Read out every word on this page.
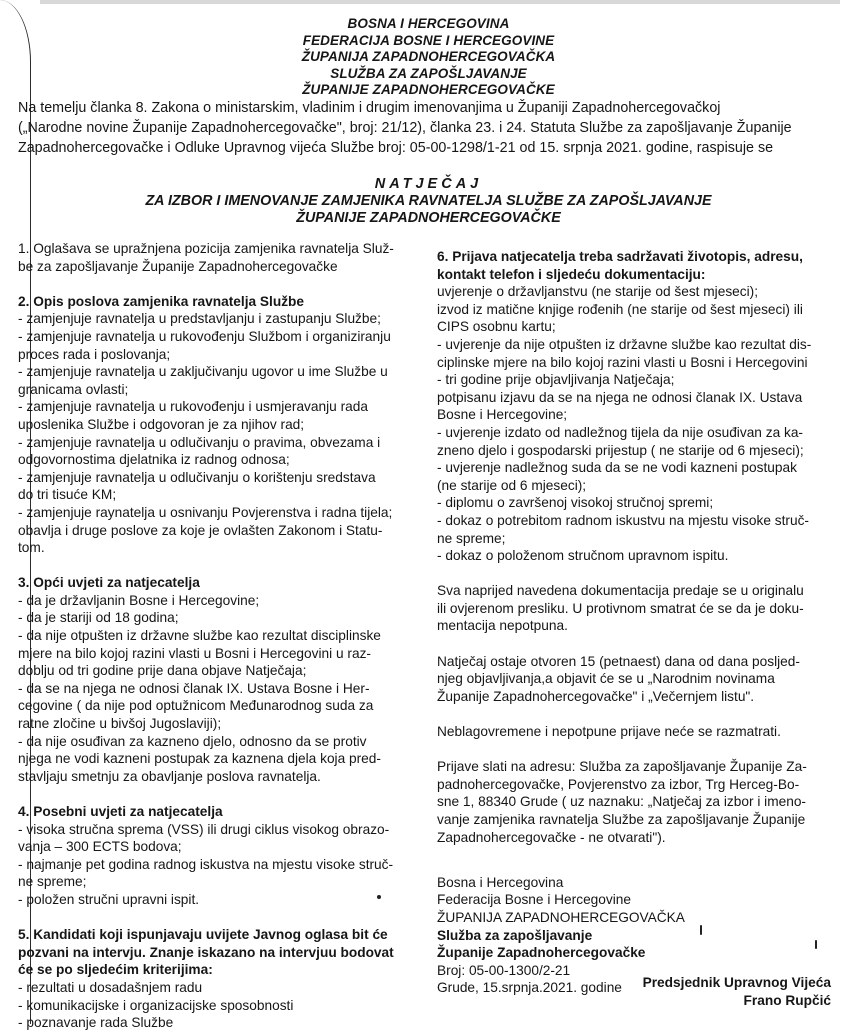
BOSNA I HERCEGOVINA
FEDERACIJA BOSNE I HERCEGOVINE
ŽUPANIJA ZAPADNOHERCEGOVAČKA
SLUŽBA ZA ZAPOŠLJAVANJE
ŽUPANIJE ZAPADNOHERCEGOVAČKE
Na temelju članka 8. Zakona o ministarskim, vladinim i drugim imenovanjima u Županiji Zapadnohercegovačkoj
(„Narodne novine Županije Zapadnohercegovačke", broj: 21/12), članka 23. i 24. Statuta Službe za zapošljavanje Županije
Zapadnohercegovačke i Odluke Upravnog vijeća Službe broj: 05-00-1298/1-21 od 15. srpnja 2021. godine, raspisuje se
NATJEČAJ
ZA IZBOR I IMENOVANJE ZAMJENIKA RAVNATELJA SLUŽBE ZA ZAPOŠLJAVANJE
ŽUPANIJE ZAPADNOHERCEGOVAČKE
1. Oglašava se upražnjena pozicija zamjenika ravnatelja Služ-
be za zapošljavanje Županije Zapadnohercegovačke
2. Opis poslova zamjenika ravnatelja Službe
- zamjenjuje ravnatelja u predstavljanju i zastupanju Službe;
- zamjenjuje ravnatelja u rukovođenju Službom i organiziranju
proces rada i poslovanja;
- zamjenjuje ravnatelja u zaključivanju ugovor u ime Službe u
granicama ovlasti;
- zamjenjuje ravnatelja u rukovođenju i usmjeravanju rada
uposlenika Službe i odgovoran je za njihov rad;
- zamjenjuje ravnatelja u odlučivanju o pravima, obvezama i
odgovornostima djelatnika iz radnog odnosa;
- zamjenjuje ravnatelja u odlučivanju o korištenju sredstava
do tri tisuće KM;
- zamjenjuje raynatelja u osnivanju Povjerenstva i radna tijela;
obavlja i druge poslove za koje je ovlašten Zakonom i Statu-
tom.
3. Opći uvjeti za natjecatelja
- da je državljanin Bosne i Hercegovine;
- da je stariji od 18 godina;
- da nije otpušten iz državne službe kao rezultat disciplinske
mjere na bilo kojoj razini vlasti u Bosni i Hercegovini u raz-
doblju od tri godine prije dana objave Natječaja;
- da se na njega ne odnosi članak IX. Ustava Bosne i Her-
cegovine ( da nije pod optužnicom Međunarodnog suda za
ratne zločine u bivšoj Jugoslaviji);
- da nije osuđivan za kazneno djelo, odnosno da se protiv
njega ne vodi kazneni postupak za kaznena djela koja pred-
stavljaju smetnju za obavljanje poslova ravnatelja.
4. Posebni uvjeti za natjecatelja
- visoka stručna sprema (VSS) ili drugi ciklus visokog obrazo-
vanja – 300 ECTS bodova;
- najmanje pet godina radnog iskustva na mjestu visoke struč-
ne spreme;
- položen stručni upravni ispit.
5. Kandidati koji ispunjavaju uvijete Javnog oglasa bit će
pozvani na intervju. Znanje iskazano na intervjuu bodovat
će se po sljedećim kriterijima:
- rezultati u dosadašnjem radu
- komunikacijske i organizacijske sposobnosti
- poznavanje rada Službe
6. Prijava natjecatelja treba sadržavati životopis, adresu,
kontakt telefon i sljedeću dokumentaciju:
uvjerenje o državljanstvu (ne starije od šest mjeseci);
izvod iz matične knjige rođenih (ne starije od šest mjeseci) ili
CIPS osobnu kartu;
- uvjerenje da nije otpušten iz državne službe kao rezultat dis-
ciplinske mjere na bilo kojoj razini vlasti u Bosni i Hercegovini
- tri godine prije objavljivanja Natječaja;
potpisanu izjavu da se na njega ne odnosi članak IX. Ustava
Bosne i Hercegovine;
- uvjerenje izdato od nadležnog tijela da nije osuđivan za ka-
zneno djelo i gospodarski prijestup ( ne starije od 6 mjeseci);
- uvjerenje nadležnog suda da se ne vodi kazneni postupak
(ne starije od 6 mjeseci);
- diplomu o završenoj visokoj stručnoj spremi;
- dokaz o potrebitom radnom iskustvu na mjestu visoke struč-
ne spreme;
- dokaz o položenom stručnom upravnom ispitu.
Sva naprijed navedena dokumentacija predaje se u originalu
ili ovjerenom preslіku. U protivnom smatrat će se da je doku-
mentacija nepotpuna.
Natječaj ostaje otvoren 15 (petnaest) dana od dana posljed-
njeg objavljivanja,a objavit će se u „Narodnim novinama
Županije Zapadnohercegovačke" i „Večernjem listu".
Neblagovremene i nepotpune prijave neće se razmatrati.
Prijave slati na adresu: Služba za zapošljavanje Županije Za-
padnohercegovačke, Povjerenstvo za izbor, Trg Herceg-Bo-
sne 1, 88340 Grude ( uz naznaku: „Natječaj za izbor i imeno-
vanje zamjenika ravnatelja Službe za zapošljavanje Županije
Zapadnohercegovačke - ne otvarati").
Bosna i Hercegovina
Federacija Bosne i Hercegovine
ŽUPANIJA ZAPADNOHERCEGOVAČKA
Služba za zapošljavanje
Županije Zapadnohercegovačke
Broj: 05-00-1300/2-21
Grude, 15.srpnja.2021. godine	Predsjednik Upravnog Vijeća
Frano Rupčić
